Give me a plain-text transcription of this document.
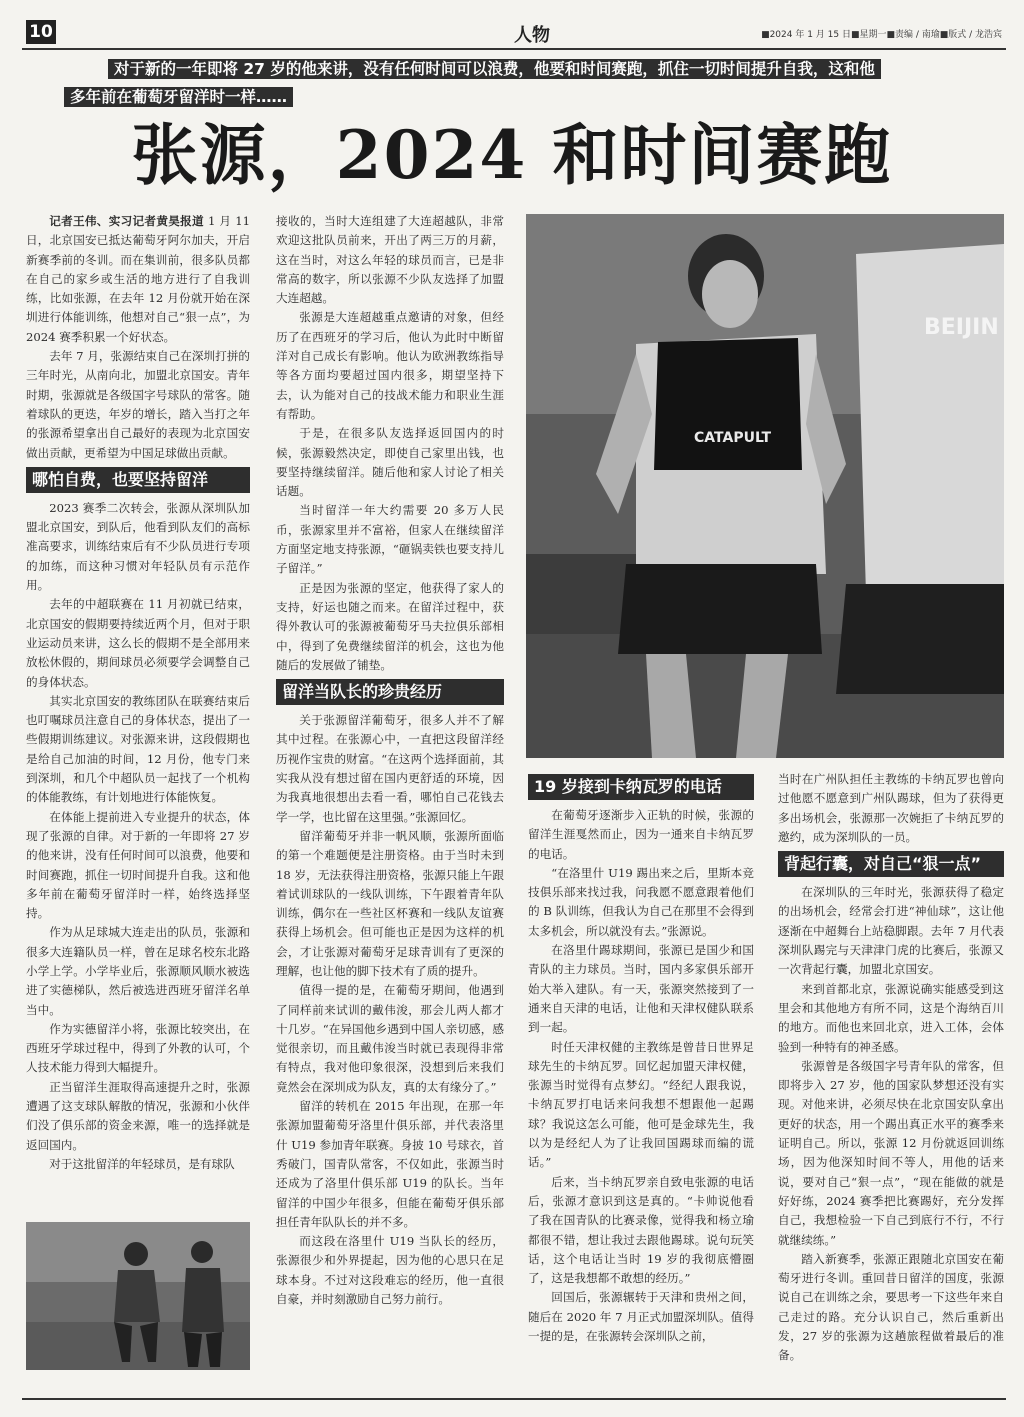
10	人物	■2024 年 1 月 15 日■星期一■责编 / 南瑜■版式 / 龙浩宾
对于新的一年即将 27 岁的他来讲，没有任何时间可以浪费，他要和时间赛跑，抓住一切时间提升自我，这和他
多年前在葡萄牙留洋时一样……
张源，2024 和时间赛跑

记者王伟、实习记者黄昊报道 1 月 11 日，北京国安已抵达葡萄牙阿尔加夫，开启新赛季前的冬训。而在集训前，很多队员都在自己的家乡或生活的地方进行了自我训练，比如张源，在去年 12 月份就开始在深圳进行体能训练，他想对自己“狠一点”，为 2024 赛季积累一个好状态。

去年 7 月，张源结束自己在深圳打拼的三年时光，从南向北，加盟北京国安。青年时期，张源就是各级国字号球队的常客。随着球队的更迭，年岁的增长，踏入当打之年的张源希望拿出自己最好的表现为北京国安做出贡献，更希望为中国足球做出贡献。

哪怕自费，也要坚持留洋

2023 赛季二次转会，张源从深圳队加盟北京国安，到队后，他看到队友们的高标准高要求，训练结束后有不少队员进行专项的加练，而这种习惯对年轻队员有示范作用。

去年的中超联赛在 11 月初就已结束，北京国安的假期要持续近两个月，但对于职业运动员来讲，这么长的假期不是全部用来放松休假的，期间球员必须要学会调整自己的身体状态。

其实北京国安的教练团队在联赛结束后也叮嘱球员注意自己的身体状态，提出了一些假期训练建议。对张源来讲，这段假期也是给自己加油的时间，12 月份，他专门来到深圳，和几个中超队员一起找了一个机构的体能教练，有计划地进行体能恢复。

在体能上提前进入专业提升的状态，体现了张源的自律。对于新的一年即将 27 岁的他来讲，没有任何时间可以浪费，他要和时间赛跑，抓住一切时间提升自我。这和他多年前在葡萄牙留洋时一样，始终选择坚持。

作为从足球城大连走出的队员，张源和很多大连籍队员一样，曾在足球名校东北路小学上学。小学毕业后，张源顺风顺水被选进了实德梯队，然后被选进西班牙留洋名单当中。

作为实德留洋小将，张源比较突出，在西班牙学球过程中，得到了外教的认可，个人技术能力得到大幅提升。

正当留洋生涯取得高速提升之时，张源遭遇了这支球队解散的情况，张源和小伙伴们没了俱乐部的资金来源，唯一的选择就是返回国内。

对于这批留洋的年轻球员，是有球队

接收的，当时大连组建了大连超越队，非常欢迎这批队员前来，开出了两三万的月薪，这在当时，对这么年轻的球员而言，已是非常高的数字，所以张源不少队友选择了加盟大连超越。

张源是大连超越重点邀请的对象，但经历了在西班牙的学习后，他认为此时中断留洋对自己成长有影响。他认为欧洲教练指导等各方面均要超过国内很多，期望坚持下去，认为能对自己的技战术能力和职业生涯有帮助。

于是，在很多队友选择返回国内的时候，张源毅然决定，即使自己家里出钱，也要坚持继续留洋。随后他和家人讨论了相关话题。

当时留洋一年大约需要 20 多万人民币，张源家里并不富裕，但家人在继续留洋方面坚定地支持张源，“砸锅卖铁也要支持儿子留洋。”

正是因为张源的坚定，他获得了家人的支持，好运也随之而来。在留洋过程中，获得外教认可的张源被葡萄牙马夫拉俱乐部相中，得到了免费继续留洋的机会，这也为他随后的发展做了铺垫。

留洋当队长的珍贵经历

关于张源留洋葡萄牙，很多人并不了解其中过程。在张源心中，一直把这段留洋经历视作宝贵的财富。“在这两个选择面前，其实我从没有想过留在国内更舒适的环境，因为我真地很想出去看一看，哪怕自己花钱去学一学，也比留在这里强。”张源回忆。

留洋葡萄牙并非一帆风顺，张源所面临的第一个难题便是注册资格。由于当时未到 18 岁，无法获得注册资格，张源只能上午跟着试训球队的一线队训练，下午跟着青年队训练，偶尔在一些社区杯赛和一线队友谊赛获得上场机会。但可能也正是因为这样的机会，才让张源对葡萄牙足球青训有了更深的理解，也让他的脚下技术有了质的提升。

值得一提的是，在葡萄牙期间，他遇到了同样前来试训的戴伟浚，那会儿两人都才十几岁。“在异国他乡遇到中国人亲切感，感觉很亲切，而且戴伟浚当时就已表现得非常有特点，我对他印象很深，没想到后来我们竟然会在深圳成为队友，真的太有缘分了。”

留洋的转机在 2015 年出现，在那一年张源加盟葡萄牙洛里什俱乐部，并代表洛里什 U19 参加青年联赛。身披 10 号球衣，首秀破门，国青队常客，不仅如此，张源当时还成为了洛里什俱乐部 U19 的队长。当年留洋的中国少年很多，但能在葡萄牙俱乐部担任青年队队长的并不多。

而这段在洛里什 U19 当队长的经历，张源很少和外界提起，因为他的心思只在足球本身。不过对这段难忘的经历，他一直很自豪，并时刻激励自己努力前行。

BEIJIN
CATAPULT
19 岁接到卡纳瓦罗的电话

在葡萄牙逐渐步入正轨的时候，张源的留洋生涯戛然而止，因为一通来自卡纳瓦罗的电话。

“在洛里什 U19 踢出来之后，里斯本竞技俱乐部来找过我，问我愿不愿意跟着他们的 B 队训练，但我认为自己在那里不会得到太多机会，所以就没有去。”张源说。

在洛里什踢球期间，张源已是国少和国青队的主力球员。当时，国内多家俱乐部开始大举入建队。有一天，张源突然接到了一通来自天津的电话，让他和天津权健队联系到一起。

时任天津权健的主教练是曾昔日世界足球先生的卡纳瓦罗。回忆起加盟天津权健，张源当时觉得有点梦幻。“经纪人跟我说，卡纳瓦罗打电话来问我想不想跟他一起踢球？我说这怎么可能，他可是金球先生，我以为是经纪人为了让我回国踢球而编的谎话。”

后来，当卡纳瓦罗亲自致电张源的电话后，张源才意识到这是真的。“卡帅说他看了我在国青队的比赛录像，觉得我和杨立瑜都很不错，想让我过去跟他踢球。说句玩笑话，这个电话让当时 19 岁的我彻底懵圈了，这是我想都不敢想的经历。”

回国后，张源辗转于天津和贵州之间，随后在 2020 年 7 月正式加盟深圳队。值得一提的是，在张源转会深圳队之前，

当时在广州队担任主教练的卡纳瓦罗也曾向过他愿不愿意到广州队踢球，但为了获得更多出场机会，张源那一次婉拒了卡纳瓦罗的邀约，成为深圳队的一员。

背起行囊，对自己“狠一点”

在深圳队的三年时光，张源获得了稳定的出场机会，经常会打进“神仙球”，这让他逐渐在中超舞台上站稳脚跟。去年 7 月代表深圳队踢完与天津津门虎的比赛后，张源又一次背起行囊，加盟北京国安。

来到首都北京，张源说确实能感受到这里会和其他地方有所不同，这是个海纳百川的地方。而他也来回北京，进入工体，会体验到一种特有的神圣感。

张源曾是各级国字号青年队的常客，但即将步入 27 岁，他的国家队梦想还没有实现。对他来讲，必须尽快在北京国安队拿出更好的状态，用一个踢出真正水平的赛季来证明自己。所以，张源 12 月份就返回训练场，因为他深知时间不等人，用他的话来说，要对自己“狠一点”，“现在能做的就是好好练，2024 赛季把比赛踢好，充分发挥自己，我想检验一下自己到底行不行，不行就继续练。”

踏入新赛季，张源正跟随北京国安在葡萄牙进行冬训。重回昔日留洋的国度，张源说自己在训练之余，要思考一下这些年来自己走过的路。充分认识自己，然后重新出发，27 岁的张源为这趟旅程做着最后的准备。
